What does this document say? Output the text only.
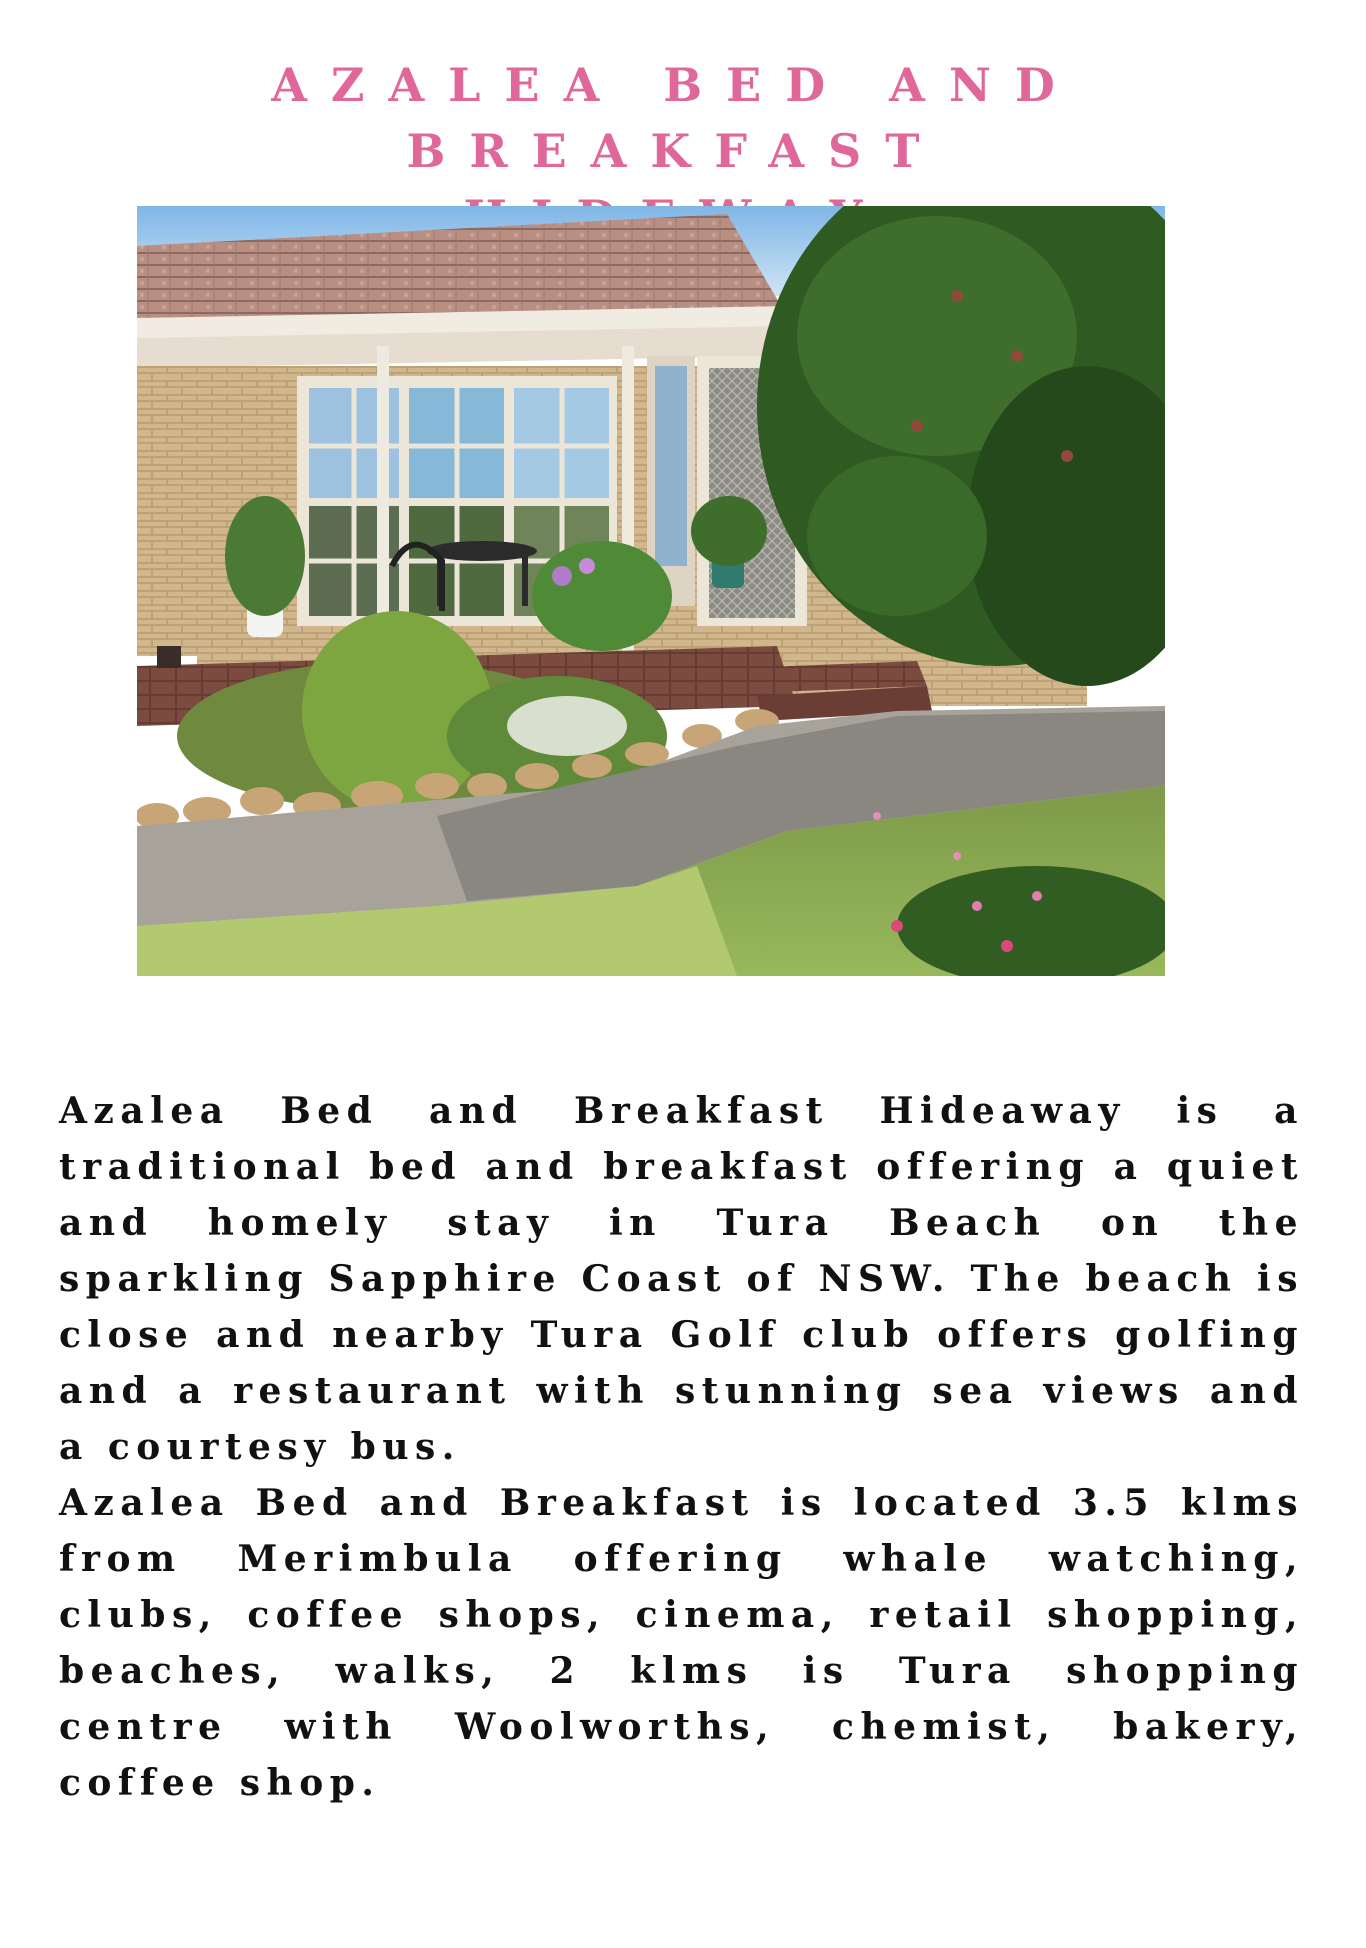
AZALEA BED AND BREAKFAST

Azalea Bed and Breakfast Hideaway is a traditional bed and breakfast offering a quiet and homely stay in Tura Beach on the sparkling Sapphire Coast of NSW. The beach is close and nearby Tura Golf club offers golfing and a restaurant with stunning sea views and a courtesy bus.

Azalea Bed and Breakfast is located 3.5 klms from Merimbula offering whale watching, clubs, coffee shops, cinema, retail shopping, beaches, walks, 2 klms is Tura shopping centre with Woolworths, chemist, bakery, coffee shop.
